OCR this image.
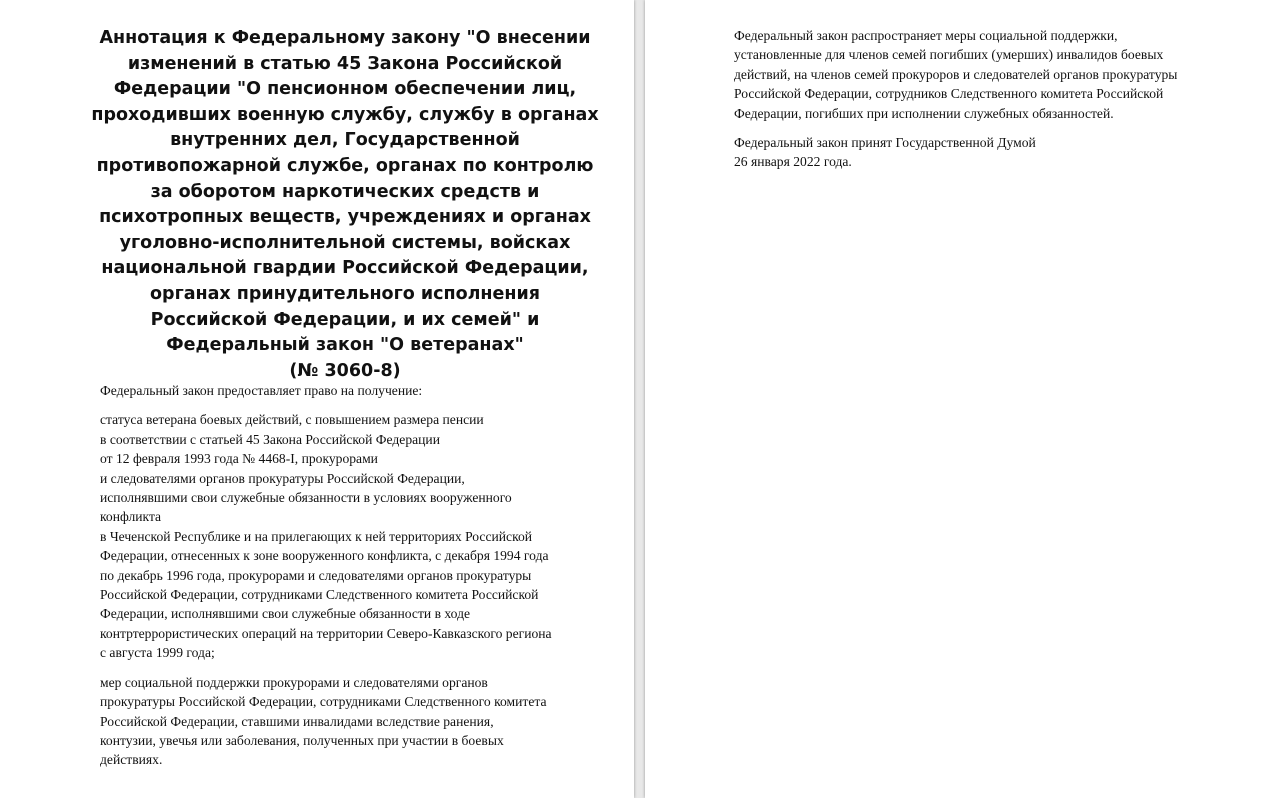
Аннотация к Федеральному закону "О внесении изменений в статью 45 Закона Российской Федерации "О пенсионном обеспечении лиц, проходивших военную службу, службу в органах внутренних дел, Государственной противопожарной службе, органах по контролю за оборотом наркотических средств и психотропных веществ, учреждениях и органах уголовно-исполнительной системы, войсках национальной гвардии Российской Федерации, органах принудительного исполнения Российской Федерации, и их семей" и Федеральный закон "О ветеранах"
(№ 3060-8)

Федеральный закон предоставляет право на получение:

статуса ветерана боевых действий, с повышением размера пенсии
в соответствии с статьей 45 Закона Российской Федерации
от 12 февраля 1993 года № 4468-I, прокурорами
и следователями органов прокуратуры Российской Федерации,
исполнявшими свои служебные обязанности в условиях вооруженного
конфликта
в Чеченской Республике и на прилегающих к ней территориях Российской
Федерации, отнесенных к зоне вооруженного конфликта, с декабря 1994 года
по декабрь 1996 года, прокурорами и следователями органов прокуратуры
Российской Федерации, сотрудниками Следственного комитета Российской
Федерации, исполнявшими свои служебные обязанности в ходе
контртеррористических операций на территории Северо-Кавказского региона
с августа 1999 года;

мер социальной поддержки прокурорами и следователями органов
прокуратуры Российской Федерации, сотрудниками Следственного комитета
Российской Федерации, ставшими инвалидами вследствие ранения,
контузии, увечья или заболевания, полученных при участии в боевых
действиях.

Федеральный закон распространяет меры социальной поддержки,
установленные для членов семей погибших (умерших) инвалидов боевых
действий, на членов семей прокуроров и следователей органов прокуратуры
Российской Федерации, сотрудников Следственного комитета Российской
Федерации, погибших при исполнении служебных обязанностей.

Федеральный закон принят Государственной Думой
26 января 2022 года.
